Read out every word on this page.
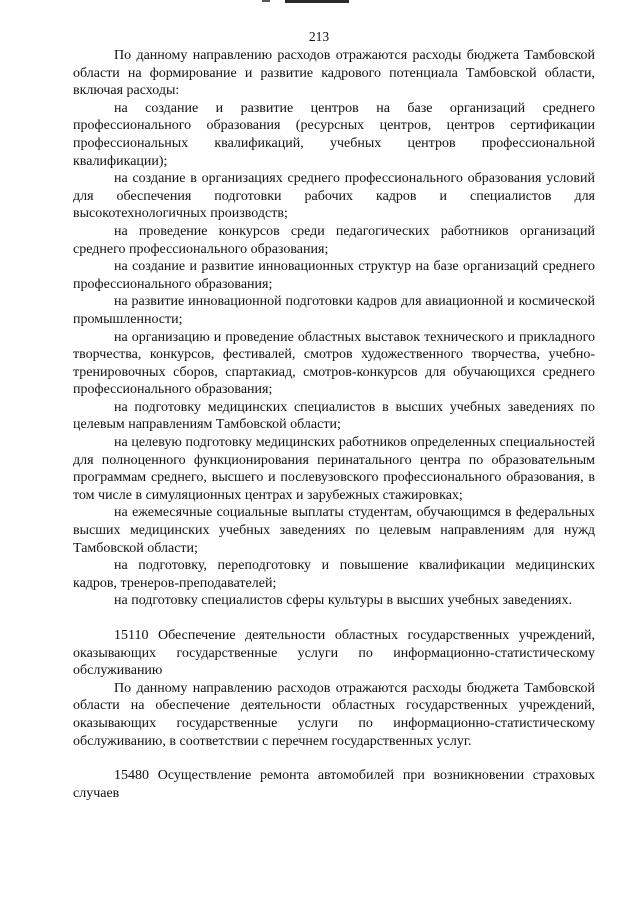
213

По данному направлению расходов отражаются расходы бюджета Тамбовской области на формирование и развитие кадрового потенциала Тамбовской области, включая расходы:

на создание и развитие центров на базе организаций среднего профессионального образования (ресурсных центров, центров сертификации профессиональных квалификаций, учебных центров профессиональной квалификации);

на создание в организациях среднего профессионального образования условий для обеспечения подготовки рабочих кадров и специалистов для высокотехнологичных производств;

на проведение конкурсов среди педагогических работников организаций среднего профессионального образования;

на создание и развитие инновационных структур на базе организаций среднего профессионального образования;

на развитие инновационной подготовки кадров для авиационной и космической промышленности;

на организацию и проведение областных выставок технического и прикладного творчества, конкурсов, фестивалей, смотров художественного творчества, учебно-тренировочных сборов, спартакиад, смотров-конкурсов для обучающихся среднего профессионального образования;

на подготовку медицинских специалистов в высших учебных заведениях по целевым направлениям Тамбовской области;

на целевую подготовку медицинских работников определенных специальностей для полноценного функционирования перинатального центра по образовательным программам среднего, высшего и послевузовского профессионального образования, в том числе в симуляционных центрах и зарубежных стажировках;

на ежемесячные социальные выплаты студентам, обучающимся в федеральных высших медицинских учебных заведениях по целевым направлениям для нужд Тамбовской области;

на подготовку, переподготовку и повышение квалификации медицинских кадров, тренеров-преподавателей;

на подготовку специалистов сферы культуры в высших учебных заведениях.

15110 Обеспечение деятельности областных государственных учреждений, оказывающих государственные услуги по информационно-статистическому обслуживанию

По данному направлению расходов отражаются расходы бюджета Тамбовской области на обеспечение деятельности областных государственных учреждений, оказывающих государственные услуги по информационно-статистическому обслуживанию, в соответствии с перечнем государственных услуг.

15480 Осуществление ремонта автомобилей при возникновении страховых случаев
